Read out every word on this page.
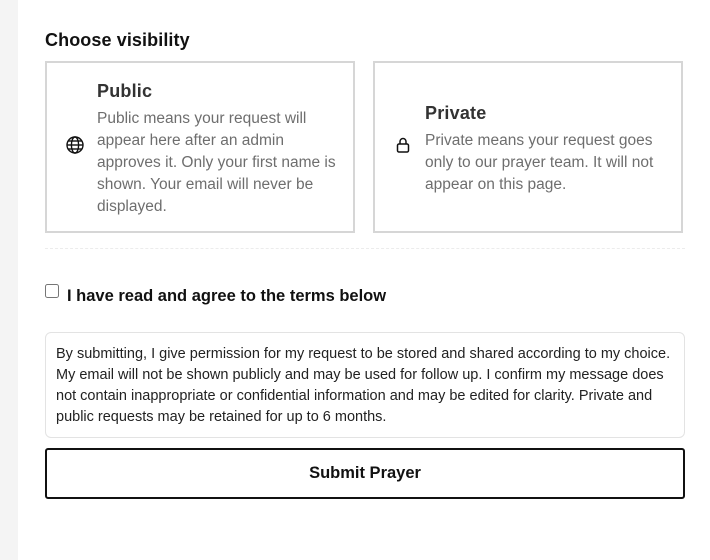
Choose visibility

Public

Public means your request will appear here after an admin approves it. Only your first name is shown. Your email will never be displayed.

Private

Private means your request goes only to our prayer team. It will not appear on this page.

I have read and agree to the terms below
By submitting, I give permission for my request to be stored and shared according to my choice. My email will not be shown publicly and may be used for follow up. I confirm my message does not contain inappropriate or confidential information and may be edited for clarity. Private and public requests may be retained for up to 6 months.
Submit Prayer
